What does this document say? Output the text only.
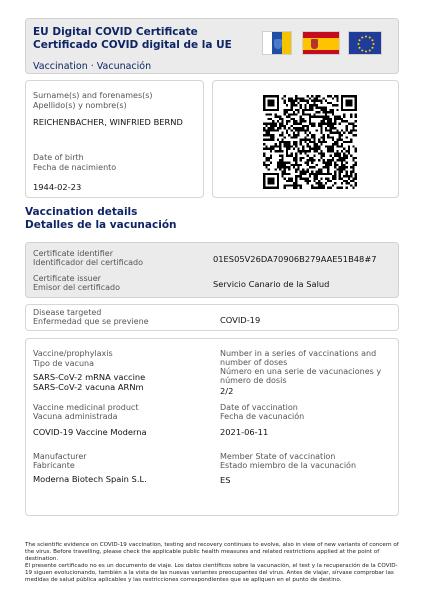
EU Digital COVID Certificate
Certificado COVID digital de la UE
Vaccination · Vacunación
Surname(s) and forenames(s)
Apellido(s) y nombre(s)
REICHENBACHER, WINFRIED BERND
Date of birth
Fecha de nacimiento
1944-02-23
Vaccination details
Detalles de la vacunación
Certificate identifier
Identificador del certificado	01ES05V26DA70906B279AAE51B48#7
Certificate issuer
Emisor del certificado	Servicio Canario de la Salud
Disease targeted
Enfermedad que se previene	COVID-19
Vaccine/prophylaxis
Tipo de vacuna
SARS-CoV-2 mRNA vaccine
SARS-CoV-2 vacuna ARNm
Number in a series of vaccinations and
number of doses
Número en una serie de vacunaciones y
número de dosis
2/2
Vaccine medicinal product
Vacuna administrada
COVID-19 Vaccine Moderna
Date of vaccination
Fecha de vacunación
2021-06-11
Manufacturer
Fabricante
Moderna Biotech Spain S.L.
Member State of vaccination
Estado miembro de la vacunación
ES
The scientific evidence on COVID-19 vaccination, testing and recovery continues to evolve, also in view of new variants of concern of the virus. Before travelling, please check the applicable public health measures and related restrictions applied at the point of destination.
El presente certificado no es un documento de viaje. Los datos científicos sobre la vacunación, el test y la recuperación de la COVID-19 siguen evolucionando, también a la vista de las nuevas variantes preocupantes del virus. Antes de viajar, sírvase comprobar las medidas de salud pública aplicables y las restricciones correspondientes que se apliquen en el punto de destino.
